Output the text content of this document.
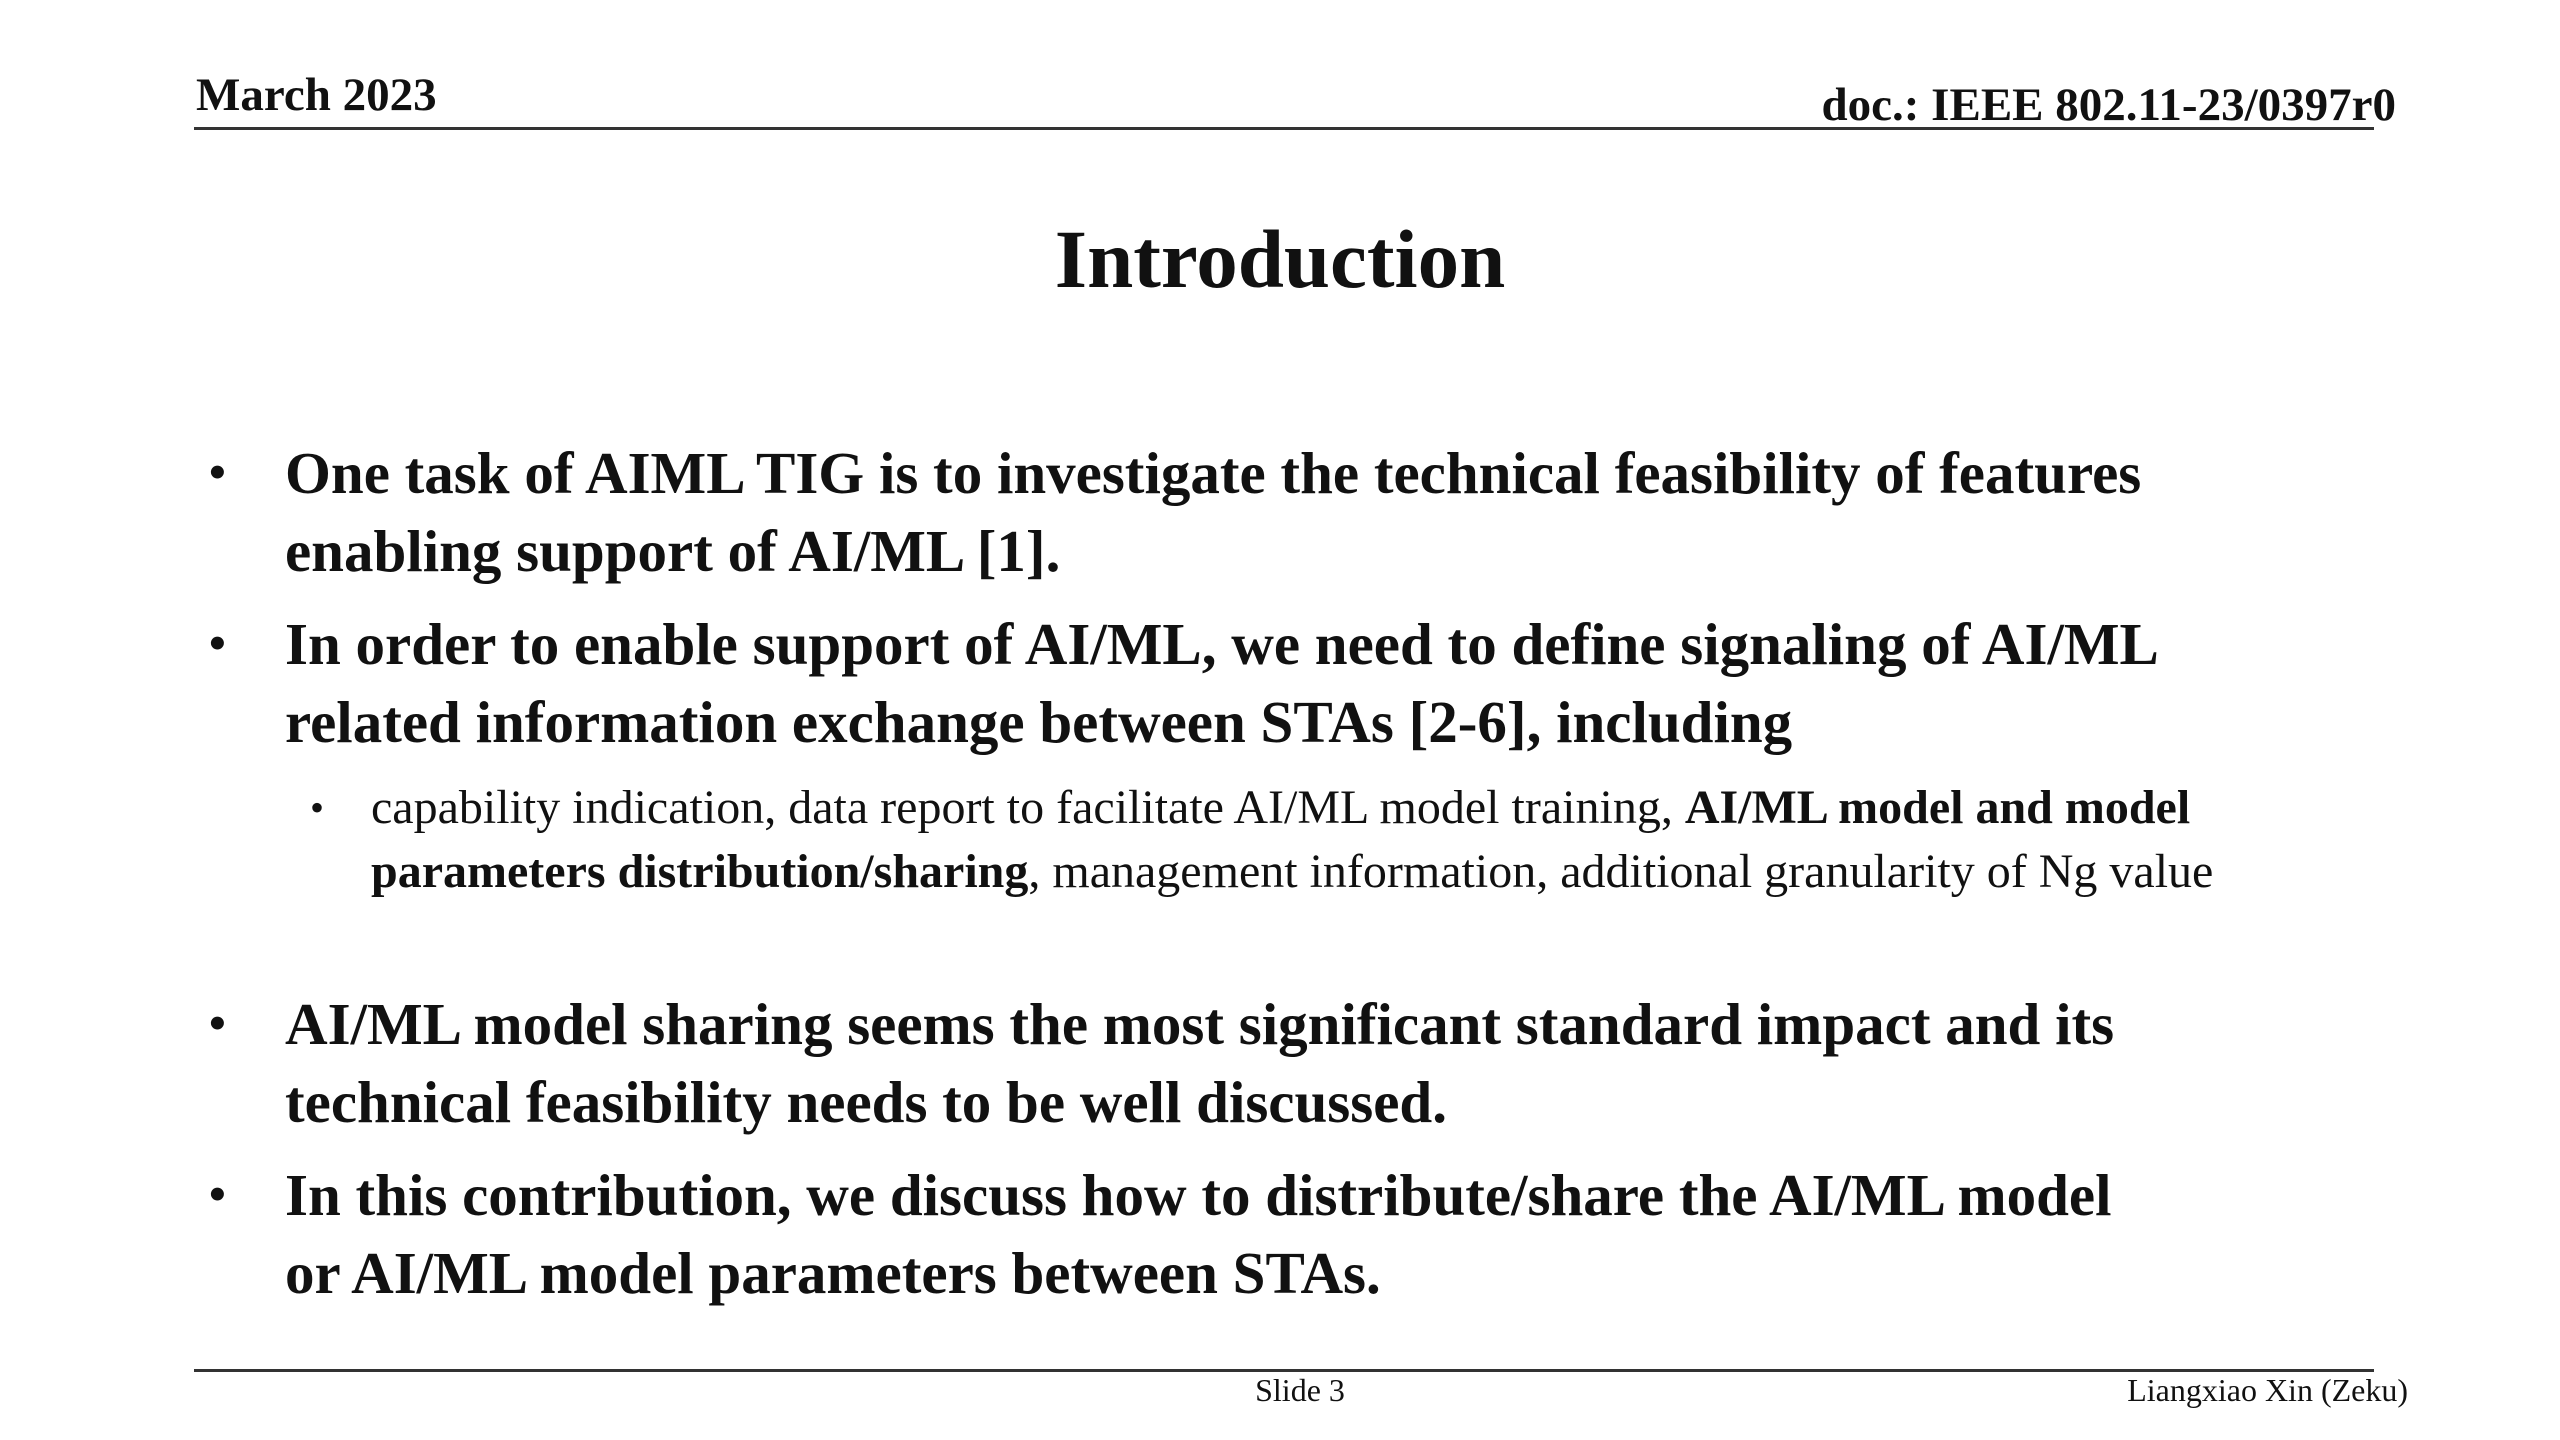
March 2023	doc.: IEEE 802.11-23/0397r0
Introduction
• One task of AIML TIG is to investigate the technical feasibility of features
enabling support of AI/ML [1].
• In order to enable support of AI/ML, we need to define signaling of AI/ML
related information exchange between STAs [2-6], including
• capability indication, data report to facilitate AI/ML model training, AI/ML model and model parameters distribution/sharing, management information, additional granularity of Ng value
• AI/ML model sharing seems the most significant standard impact and its
technical feasibility needs to be well discussed.
• In this contribution, we discuss how to distribute/share the AI/ML model
or AI/ML model parameters between STAs.
Slide 3	Liangxiao Xin (Zeku)
